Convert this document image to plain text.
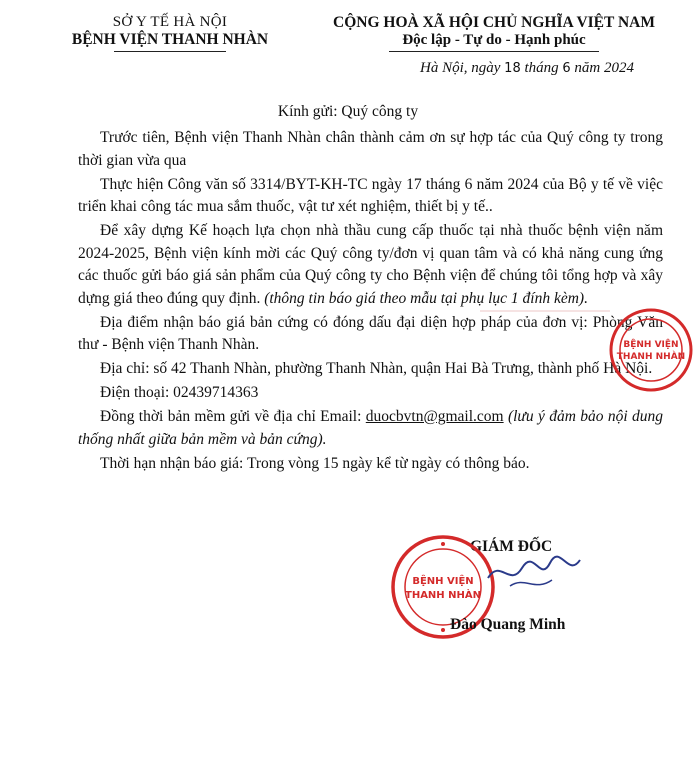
SỞ Y TẾ HÀ NỘI
BỆNH VIỆN THANH NHÀN
CỘNG HOÀ XÃ HỘI CHỦ NGHĨA VIỆT NAM
Độc lập - Tự do - Hạnh phúc
Hà Nội, ngày 18 tháng 6 năm 2024
Kính gửi: Quý công ty

Trước tiên, Bệnh viện Thanh Nhàn chân thành cảm ơn sự hợp tác của Quý công ty trong thời gian vừa qua

Thực hiện Công văn số 3314/BYT-KH-TC ngày 17 tháng 6 năm 2024 của Bộ y tế về việc triển khai công tác mua sắm thuốc, vật tư xét nghiệm, thiết bị y tế..

Để xây dựng Kế hoạch lựa chọn nhà thầu cung cấp thuốc tại nhà thuốc bệnh viện năm 2024-2025, Bệnh viện kính mời các Quý công ty/đơn vị quan tâm và có khả năng cung ứng các thuốc gửi báo giá sản phẩm của Quý công ty cho Bệnh viện để chúng tôi tổng hợp và xây dựng giá theo đúng quy định. (thông tin báo giá theo mẫu tại phụ lục 1 đính kèm).

Địa điểm nhận báo giá bản cứng có đóng dấu đại diện hợp pháp của đơn vị: Phòng Văn thư - Bệnh viện Thanh Nhàn.

Địa chỉ: số 42 Thanh Nhàn, phường Thanh Nhàn, quận Hai Bà Trưng, thành phố Hà Nội.

Điện thoại: 02439714363

Đồng thời bản mềm gửi về địa chỉ Email: duocbvtn@gmail.com (lưu ý đảm bảo nội dung thống nhất giữa bản mềm và bản cứng).

Thời hạn nhận báo giá: Trong vòng 15 ngày kể từ ngày có thông báo.

BỆNH VIỆN
THANH NHÀN
GIÁM ĐỐC
BỆNH VIỆN
THANH NHÀN
Đào Quang Minh
